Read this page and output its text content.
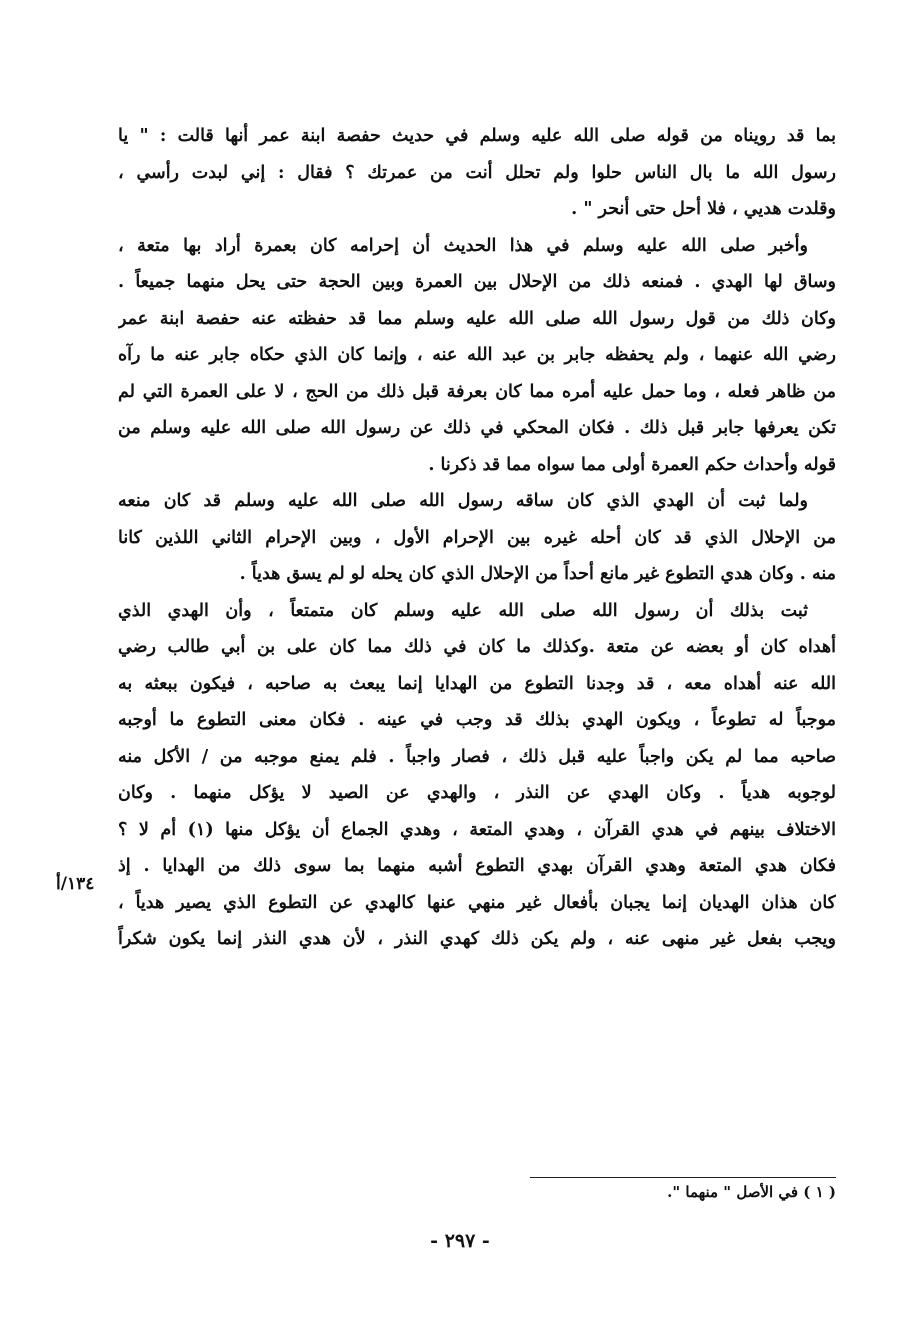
بما قد رويناه من قوله صلى الله عليه وسلم في حديث حفصة ابنة عمر أنها قالت : " يا
رسول الله ما بال الناس حلوا ولم تحلل أنت من عمرتك ؟ فقال : إني لبدت رأسي ،
وقلدت هديي ، فلا أحل حتى أنحر " .
وأخبر صلى الله عليه وسلم في هذا الحديث أن إحرامه كان بعمرة أراد بها متعة ،
وساق لها الهدي . فمنعه ذلك من الإحلال بين العمرة وبين الحجة حتى يحل منهما جميعاً .
وكان ذلك من قول رسول الله صلى الله عليه وسلم مما قد حفظته عنه حفصة ابنة عمر
رضي الله عنهما ، ولم يحفظه جابر بن عبد الله عنه ، وإنما كان الذي حكاه جابر عنه ما رآه
من ظاهر فعله ، وما حمل عليه أمره مما كان بعرفة قبل ذلك من الحج ، لا على العمرة التي لم
تكن يعرفها جابر قبل ذلك . فكان المحكي في ذلك عن رسول الله صلى الله عليه وسلم من
قوله وأحداث حكم العمرة أولى مما سواه مما قد ذكرنا .
ولما ثبت أن الهدي الذي كان ساقه رسول الله صلى الله عليه وسلم قد كان منعه
من الإحلال الذي قد كان أحله غيره بين الإحرام الأول ، وبين الإحرام الثاني اللذين كانا
منه . وكان هدي التطوع غير مانع أحداً من الإحلال الذي كان يحله لو لم يسق هدياً .
ثبت بذلك أن رسول الله صلى الله عليه وسلم كان متمتعاً ، وأن الهدي الذي
أهداه كان أو بعضه عن متعة .وكذلك ما كان في ذلك مما كان على بن أبي طالب رضي
الله عنه أهداه معه ، قد وجدنا التطوع من الهدايا إنما يبعث به صاحبه ، فيكون ببعثه به
موجباً له تطوعاً ، ويكون الهدي بذلك قد وجب في عينه . فكان معنى التطوع ما أوجبه
صاحبه مما لم يكن واجباً عليه قبل ذلك ، فصار واجباً . فلم يمنع موجبه من / الأكل منه
لوجوبه هدياً . وكان الهدي عن النذر ، والهدي عن الصيد لا يؤكل منهما . وكان
الاختلاف بينهم في هدي القرآن ، وهدي المتعة ، وهدي الجماع أن يؤكل منها (١) أم لا ؟
فكان هدي المتعة وهدي القرآن بهدي التطوع أشبه منهما بما سوى ذلك من الهدايا . إذ
كان هذان الهديان إنما يجبان بأفعال غير منهي عنها كالهدي عن التطوع الذي يصير هدياً ،
ويجب بفعل غير منهى عنه ، ولم يكن ذلك كهدي النذر ، لأن هدي النذر إنما يكون شكراً
١٣٤/أ
( ١ ) في الأصل " منهما ".
- ٢٩٧ -
